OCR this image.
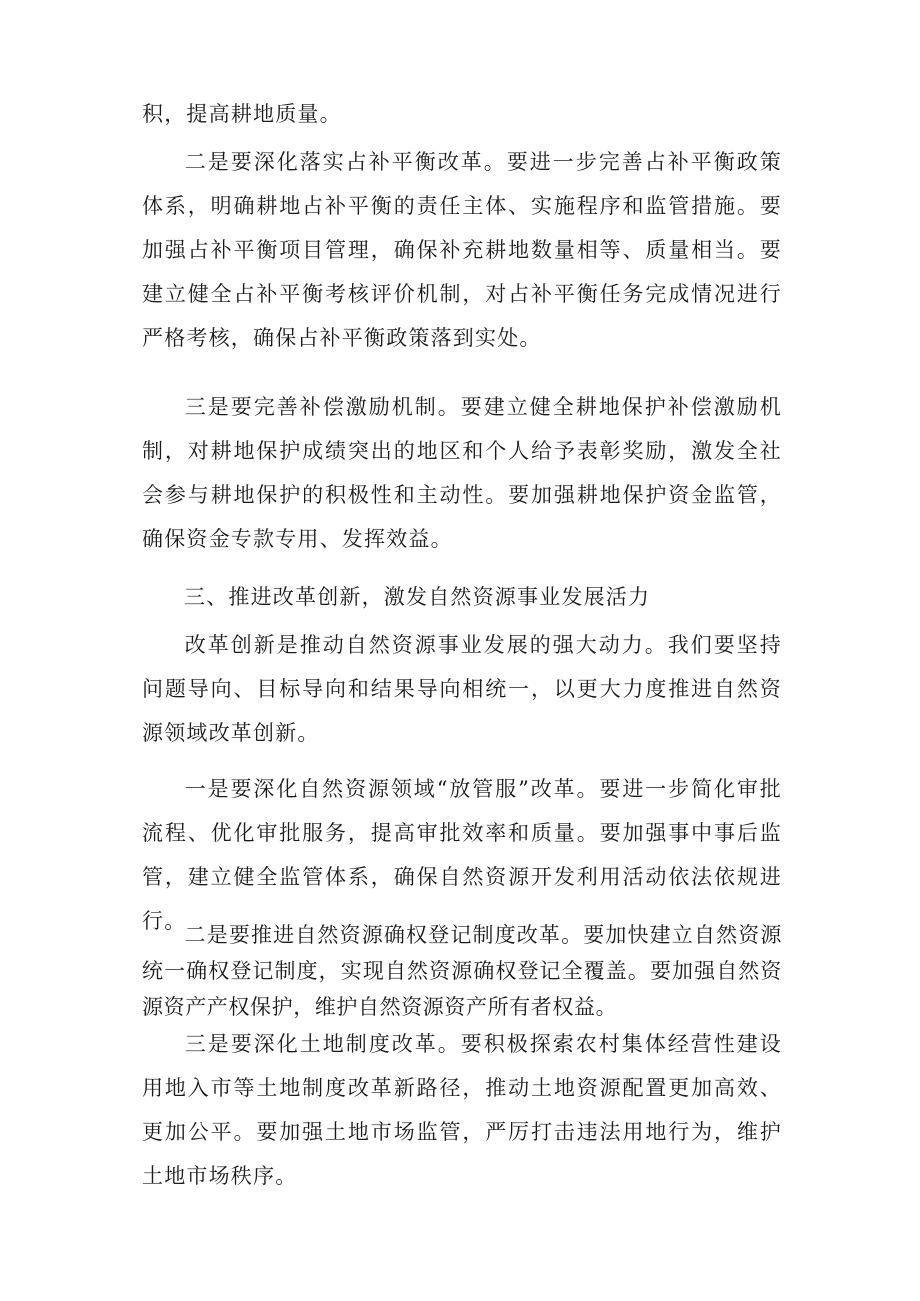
积，提高耕地质量。

二是要深化落实占补平衡改革。要进一步完善占补平衡政策体系，明确耕地占补平衡的责任主体、实施程序和监管措施。要加强占补平衡项目管理，确保补充耕地数量相等、质量相当。要建立健全占补平衡考核评价机制，对占补平衡任务完成情况进行严格考核，确保占补平衡政策落到实处。

三是要完善补偿激励机制。要建立健全耕地保护补偿激励机制，对耕地保护成绩突出的地区和个人给予表彰奖励，激发全社会参与耕地保护的积极性和主动性。要加强耕地保护资金监管，确保资金专款专用、发挥效益。

三、推进改革创新，激发自然资源事业发展活力

改革创新是推动自然资源事业发展的强大动力。我们要坚持问题导向、目标导向和结果导向相统一，以更大力度推进自然资源领域改革创新。

一是要深化自然资源领域“放管服”改革。要进一步简化审批流程、优化审批服务，提高审批效率和质量。要加强事中事后监管，建立健全监管体系，确保自然资源开发利用活动依法依规进行。

二是要推进自然资源确权登记制度改革。要加快建立自然资源统一确权登记制度，实现自然资源确权登记全覆盖。要加强自然资源资产产权保护，维护自然资源资产所有者权益。

三是要深化土地制度改革。要积极探索农村集体经营性建设用地入市等土地制度改革新路径，推动土地资源配置更加高效、更加公平。要加强土地市场监管，严厉打击违法用地行为，维护土地市场秩序。
